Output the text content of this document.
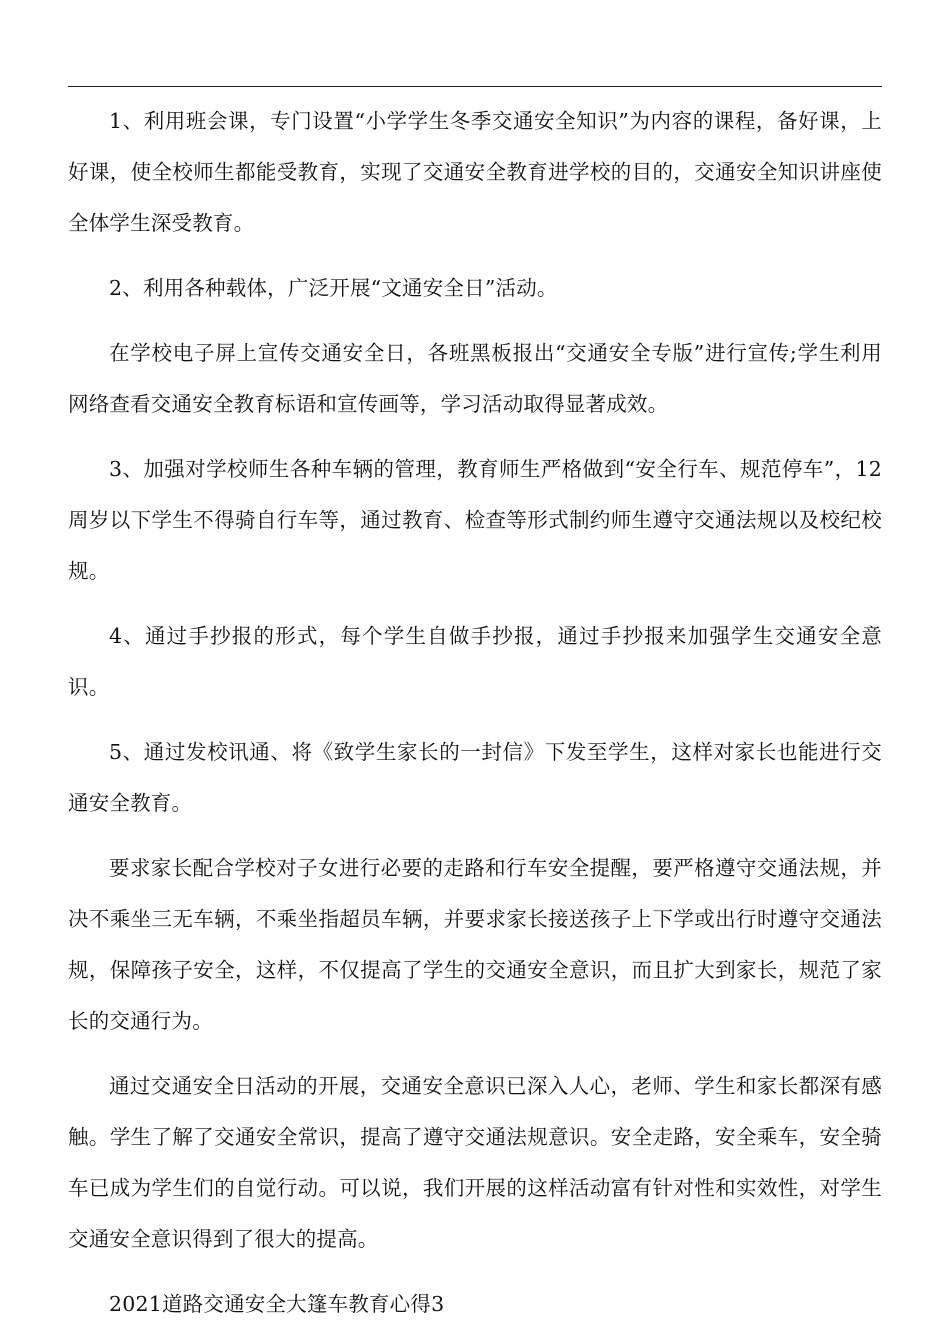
1、利用班会课，专门设置“小学学生冬季交通安全知识”为内容的课程，备好课，上好课，使全校师生都能受教育，实现了交通安全教育进学校的目的，交通安全知识讲座使全体学生深受教育。

2、利用各种载体，广泛开展“文通安全日”活动。

在学校电子屏上宣传交通安全日，各班黑板报出“交通安全专版”进行宣传;学生利用网络查看交通安全教育标语和宣传画等，学习活动取得显著成效。

3、加强对学校师生各种车辆的管理，教育师生严格做到“安全行车、规范停车”，12周岁以下学生不得骑自行车等，通过教育、检查等形式制约师生遵守交通法规以及校纪校规。

4、通过手抄报的形式，每个学生自做手抄报，通过手抄报来加强学生交通安全意识。

5、通过发校讯通、将《致学生家长的一封信》下发至学生，这样对家长也能进行交通安全教育。

要求家长配合学校对子女进行必要的走路和行车安全提醒，要严格遵守交通法规，并决不乘坐三无车辆，不乘坐指超员车辆，并要求家长接送孩子上下学或出行时遵守交通法规，保障孩子安全，这样，不仅提高了学生的交通安全意识，而且扩大到家长，规范了家长的交通行为。

通过交通安全日活动的开展，交通安全意识已深入人心，老师、学生和家长都深有感触。学生了解了交通安全常识，提高了遵守交通法规意识。安全走路，安全乘车，安全骑车已成为学生们的自觉行动。可以说，我们开展的这样活动富有针对性和实效性，对学生交通安全意识得到了很大的提高。

2021道路交通安全大篷车教育心得3
